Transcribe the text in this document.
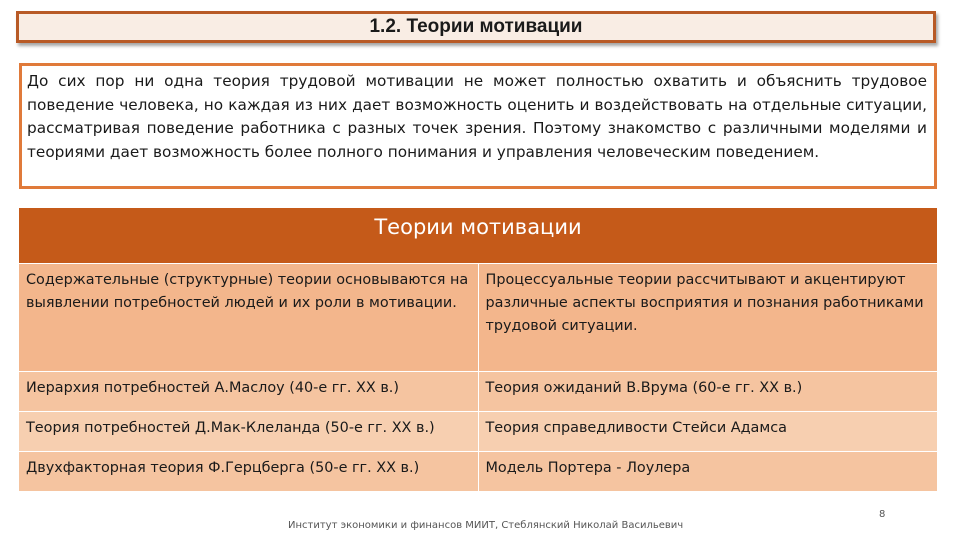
1.2. Теории мотивации
До сих пор ни одна теория трудовой мотивации не может полностью охватить и объяснить трудовое поведение человека, но каждая из них дает возможность оценить и воздействовать на отдельные ситуации, рассматривая поведение работника с разных точек зрения. Поэтому знакомство с различными моделями и теориями дает возможность более полного понимания и управления человеческим поведением.
Теории мотивации	
Содержательные (структурные) теории основываются на выявлении потребностей людей и их роли в мотивации.	Процессуальные теории рассчитывают и акцентируют различные аспекты восприятия и познания работниками трудовой ситуации.
Иерархия потребностей А.Маслоу (40-е гг. XX в.)	Теория ожиданий В.Врума (60-е гг. XX в.)
Теория потребностей Д.Мак-Клеланда (50-е гг. XX в.)	Теория справедливости Стейси Адамса
Двухфакторная теория Ф.Герцберга (50-е гг. XX в.)	Модель Портера - Лоулера
Институт экономики и финансов МИИТ, Стеблянский Николай Васильевич
8
